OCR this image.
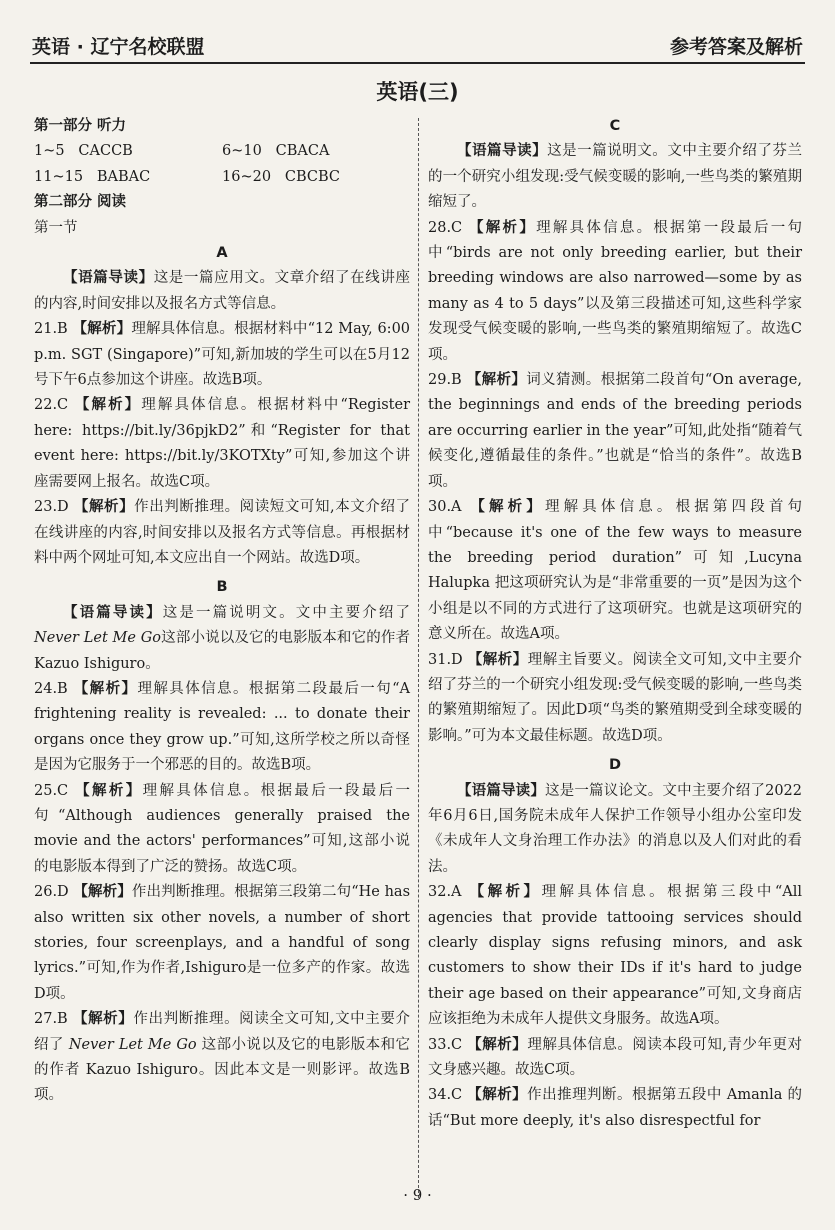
英语 · 辽宁名校联盟	参考答案及解析
英语(三)
第一部分 听力
1~5   CACCB	6~10   CBACA
11~15   BABAC	16~20   CBCBC
第二部分 阅读
第一节
A
【语篇导读】这是一篇应用文。文章介绍了在线讲座的内容,时间安排以及报名方式等信息。
21.B 【解析】理解具体信息。根据材料中“12 May, 6:00 p.m. SGT (Singapore)”可知,新加坡的学生可以在5月12号下午6点参加这个讲座。故选B项。
22.C 【解析】理解具体信息。根据材料中“Register here: https://bit.ly/36pjkD2”和“Register for that event here: https://bit.ly/3KOTXty”可知,参加这个讲座需要网上报名。故选C项。
23.D 【解析】作出判断推理。阅读短文可知,本文介绍了在线讲座的内容,时间安排以及报名方式等信息。再根据材料中两个网址可知,本文应出自一个网站。故选D项。
B
【语篇导读】这是一篇说明文。文中主要介绍了Never Let Me Go这部小说以及它的电影版本和它的作者 Kazuo Ishiguro。
24.B 【解析】理解具体信息。根据第二段最后一句“A frightening reality is revealed: ... to donate their organs once they grow up.”可知,这所学校之所以奇怪是因为它服务于一个邪恶的目的。故选B项。
25.C 【解析】理解具体信息。根据最后一段最后一句“Although audiences generally praised the movie and the actors' performances”可知,这部小说的电影版本得到了广泛的赞扬。故选C项。
26.D 【解析】作出判断推理。根据第三段第二句“He has also written six other novels, a number of short stories, four screenplays, and a handful of song lyrics.”可知,作为作者,Ishiguro是一位多产的作家。故选D项。
27.B 【解析】作出判断推理。阅读全文可知,文中主要介绍了 Never Let Me Go 这部小说以及它的电影版本和它的作者 Kazuo Ishiguro。因此本文是一则影评。故选B项。
C
【语篇导读】这是一篇说明文。文中主要介绍了芬兰的一个研究小组发现:受气候变暖的影响,一些鸟类的繁殖期缩短了。
28.C 【解析】理解具体信息。根据第一段最后一句中“birds are not only breeding earlier, but their breeding windows are also narrowed—some by as many as 4 to 5 days”以及第三段描述可知,这些科学家发现受气候变暖的影响,一些鸟类的繁殖期缩短了。故选C项。
29.B 【解析】词义猜测。根据第二段首句“On average, the beginnings and ends of the breeding periods are occurring earlier in the year”可知,此处指“随着气候变化,遵循最佳的条件。”也就是“恰当的条件”。故选B项。
30.A 【解析】理解具体信息。根据第四段首句中“because it's one of the few ways to measure the breeding period duration”可知,Lucyna Halupka 把这项研究认为是“非常重要的一页”是因为这个小组是以不同的方式进行了这项研究。也就是这项研究的意义所在。故选A项。
31.D 【解析】理解主旨要义。阅读全文可知,文中主要介绍了芬兰的一个研究小组发现:受气候变暖的影响,一些鸟类的繁殖期缩短了。因此D项“鸟类的繁殖期受到全球变暖的影响。”可为本文最佳标题。故选D项。
D
【语篇导读】这是一篇议论文。文中主要介绍了2022年6月6日,国务院未成年人保护工作领导小组办公室印发《未成年人文身治理工作办法》的消息以及人们对此的看法。
32.A 【解析】理解具体信息。根据第三段中“All agencies that provide tattooing services should clearly display signs refusing minors, and ask customers to show their IDs if it's hard to judge their age based on their appearance”可知,文身商店应该拒绝为未成年人提供文身服务。故选A项。
33.C 【解析】理解具体信息。阅读本段可知,青少年更对文身感兴趣。故选C项。
34.C 【解析】作出推理判断。根据第五段中 Amanla 的话“But more deeply, it's also disrespectful for
· 9 ·
